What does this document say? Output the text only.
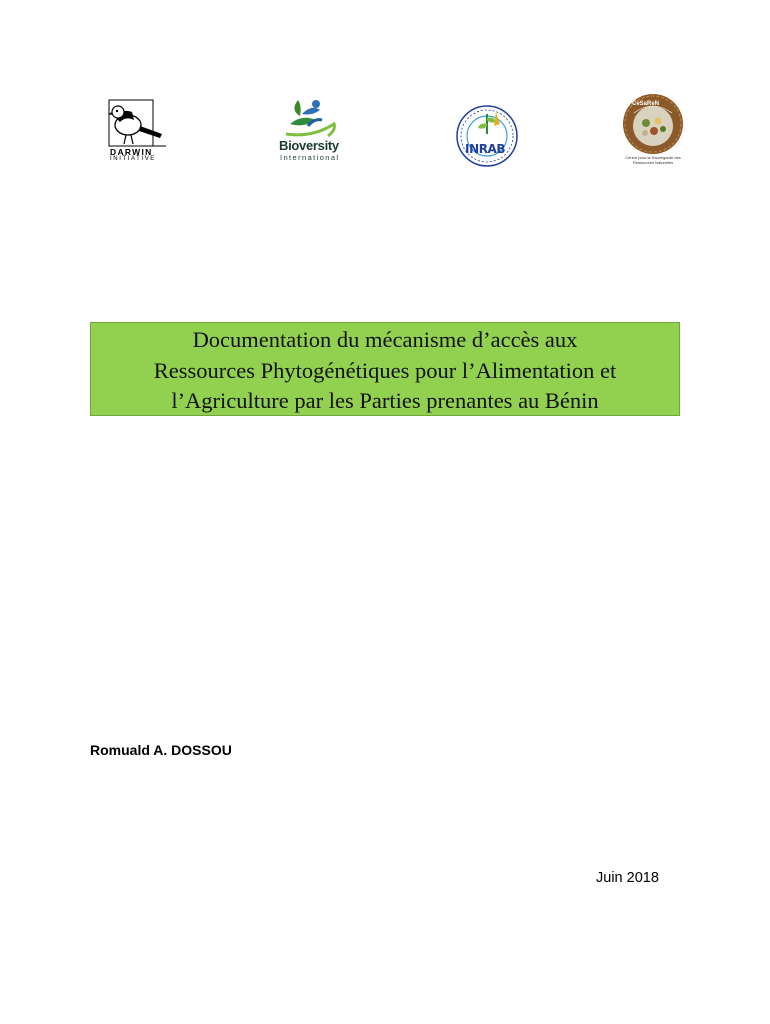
DARWIN
INITIATIVE
Bioversity
International
INRAB
CeSaReN
Centre pour la Sauvegarde des Ressources Naturelles
Documentation du mécanisme d’accès aux
Ressources Phytogénétiques pour l’Alimentation et
l’Agriculture par les Parties prenantes au Bénin
Romuald A. DOSSOU
Juin 2018
